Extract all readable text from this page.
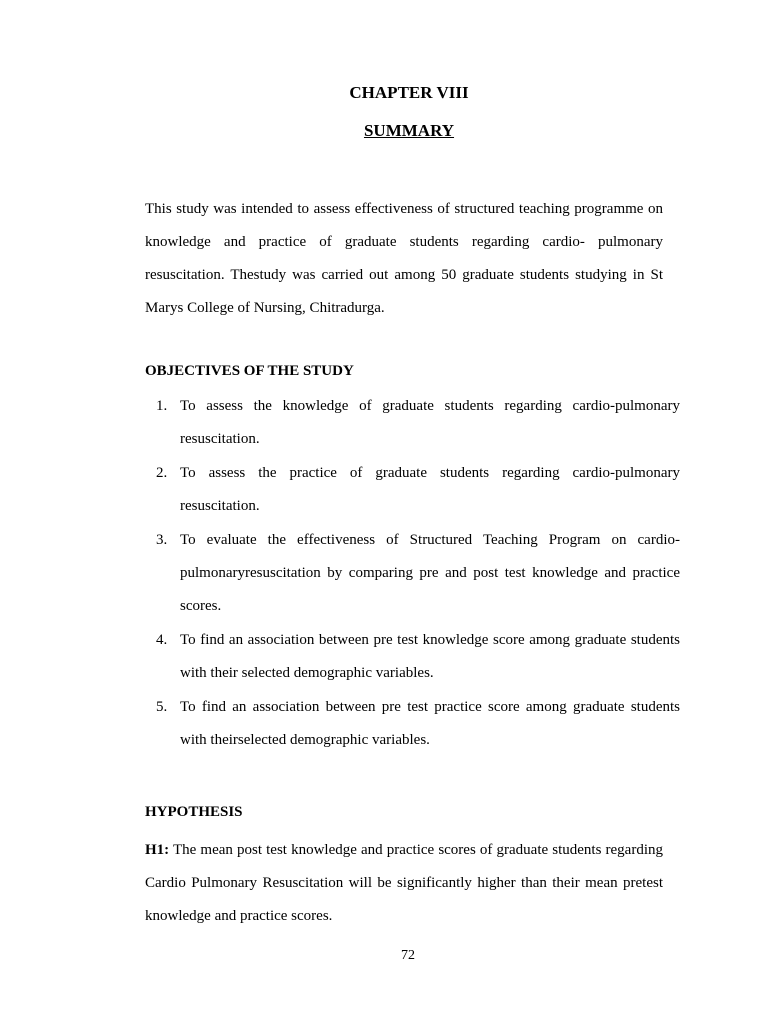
CHAPTER VIII
SUMMARY

This study was intended to assess effectiveness of structured teaching programme on knowledge and practice of graduate students regarding cardio- pulmonary resuscitation. Thestudy was carried out among 50 graduate students studying in St Marys College of Nursing, Chitradurga.

OBJECTIVES OF THE STUDY
1. To assess the knowledge of graduate students regarding cardio-pulmonary resuscitation.
2. To assess the practice of graduate students regarding cardio-pulmonary resuscitation.
3. To evaluate the effectiveness of Structured Teaching Program on cardio-pulmonaryresuscitation by comparing pre and post test knowledge and practice scores.
4. To find an association between pre test knowledge score among graduate students with their selected demographic variables.
5. To find an association between pre test practice score among graduate students with theirselected demographic variables.
HYPOTHESIS

H1: The mean post test knowledge and practice scores of graduate students regarding Cardio Pulmonary Resuscitation will be significantly higher than their mean pretest knowledge and practice scores.

72
